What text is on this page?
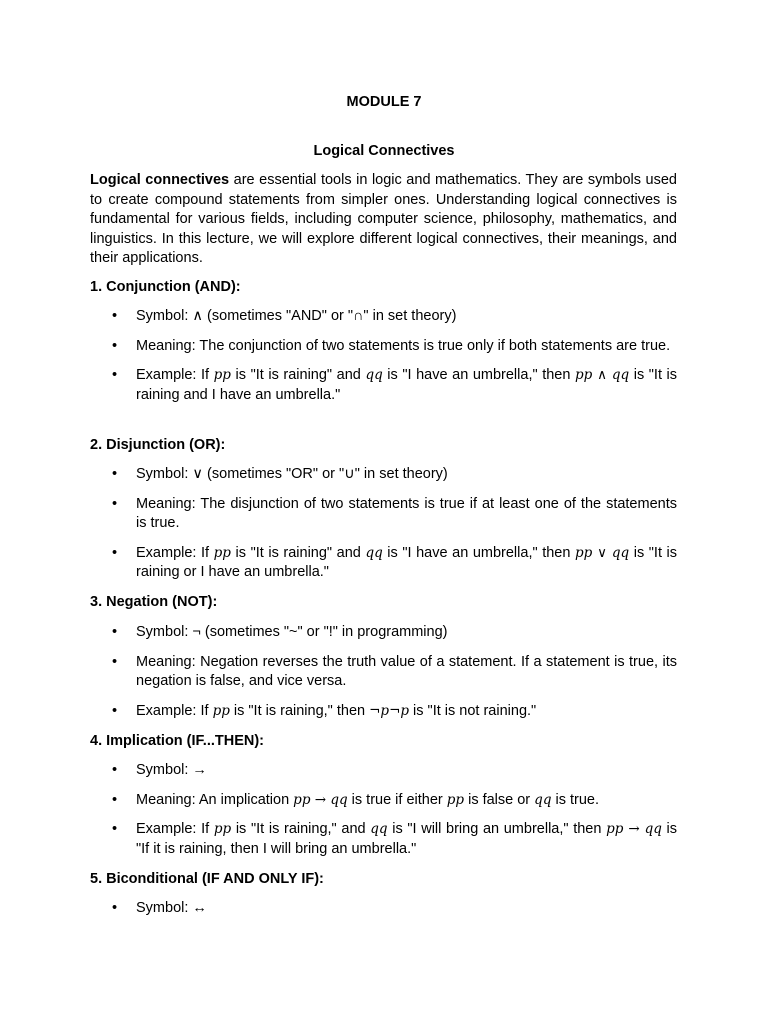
MODULE 7
Logical Connectives

Logical connectives are essential tools in logic and mathematics. They are symbols used to create compound statements from simpler ones. Understanding logical connectives is fundamental for various fields, including computer science, philosophy, mathematics, and linguistics. In this lecture, we will explore different logical connectives, their meanings, and their applications.

1. Conjunction (AND):
• Symbol: ∧ (sometimes "AND" or "∩" in set theory)
• Meaning: The conjunction of two statements is true only if both statements are true.
• Example: If pp is "It is raining" and qq is "I have an umbrella," then pp ∧ qq is "It is raining and I have an umbrella."
2. Disjunction (OR):
• Symbol: ∨ (sometimes "OR" or "∪" in set theory)
• Meaning: The disjunction of two statements is true if at least one of the statements is true.
• Example: If pp is "It is raining" and qq is "I have an umbrella," then pp ∨ qq is "It is raining or I have an umbrella."
3. Negation (NOT):
• Symbol: ¬ (sometimes "~" or "!" in programming)
• Meaning: Negation reverses the truth value of a statement. If a statement is true, its negation is false, and vice versa.
• Example: If pp is "It is raining," then ¬p¬p is "It is not raining."
4. Implication (IF...THEN):
• Symbol: →
• Meaning: An implication pp → qq is true if either pp is false or qq is true.
• Example: If pp is "It is raining," and qq is "I will bring an umbrella," then pp → qq is "If it is raining, then I will bring an umbrella."
5. Biconditional (IF AND ONLY IF):
• Symbol: ↔
